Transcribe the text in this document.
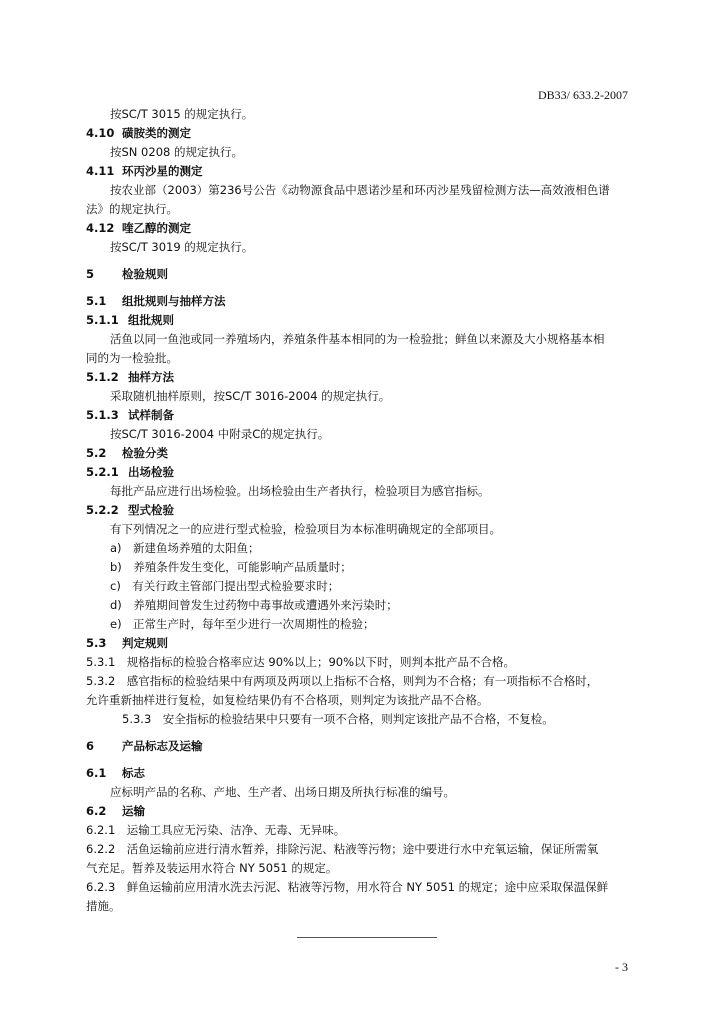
DB33/ 633.2-2007
按SC/T 3015 的规定执行。
4.10 磺胺类的测定
按SN 0208 的规定执行。
4.11 环丙沙星的测定
按农业部（2003）第236号公告《动物源食品中恩诺沙星和环丙沙星残留检测方法—高效液相色谱
法》的规定执行。
4.12 喹乙醇的测定
按SC/T 3019 的规定执行。
5 检验规则
5.1 组批规则与抽样方法
5.1.1 组批规则
活鱼以同一鱼池或同一养殖场内，养殖条件基本相同的为一检验批；鲜鱼以来源及大小规格基本相
同的为一检验批。
5.1.2 抽样方法
采取随机抽样原则，按SC/T 3016-2004 的规定执行。
5.1.3 试样制备
按SC/T 3016-2004 中附录C的规定执行。
5.2 检验分类
5.2.1 出场检验
每批产品应进行出场检验。出场检验由生产者执行，检验项目为感官指标。
5.2.2 型式检验
有下列情况之一的应进行型式检验，检验项目为本标准明确规定的全部项目。
a)　新建鱼场养殖的太阳鱼；
b)　养殖条件发生变化，可能影响产品质量时；
c)　有关行政主管部门提出型式检验要求时；
d)　养殖期间曾发生过药物中毒事故或遭遇外来污染时；
e)　正常生产时，每年至少进行一次周期性的检验；
5.3 判定规则
5.3.1　规格指标的检验合格率应达 90%以上；90%以下时，则判本批产品不合格。
5.3.2　感官指标的检验结果中有两项及两项以上指标不合格，则判为不合格；有一项指标不合格时，
允许重新抽样进行复检，如复检结果仍有不合格项，则判定为该批产品不合格。
5.3.3　安全指标的检验结果中只要有一项不合格，则判定该批产品不合格，不复检。
6 产品标志及运输
6.1 标志
应标明产品的名称、产地、生产者、出场日期及所执行标准的编号。
6.2 运输
6.2.1　运输工具应无污染、洁净、无毒、无异味。
6.2.2　活鱼运输前应进行清水暂养，排除污泥、粘液等污物；途中要进行水中充氧运输，保证所需氧
气充足。暂养及装运用水符合 NY 5051 的规定。
6.2.3　鲜鱼运输前应用清水洗去污泥、粘液等污物，用水符合 NY 5051 的规定；途中应采取保温保鲜
措施。
- 3
